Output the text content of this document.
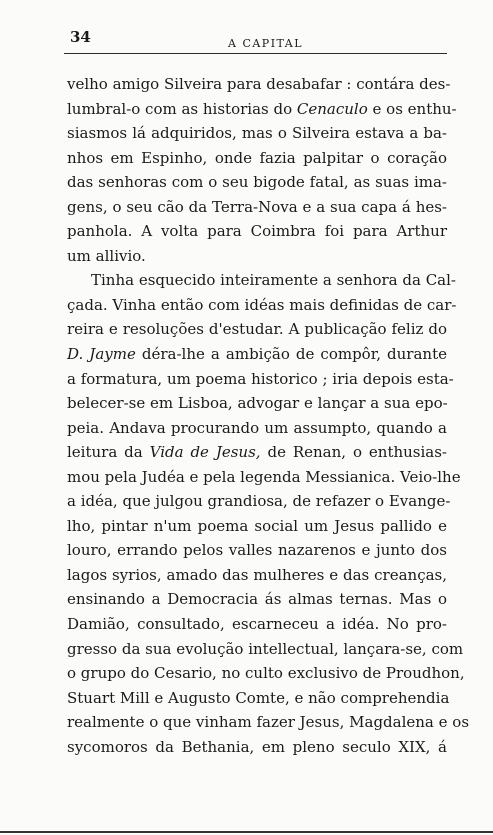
34	A CAPITAL
velho amigo Silveira para desabafar : contára des-
lumbral-o com as historias do Cenaculo e os enthu-
siasmos lá adquiridos, mas o Silveira estava a ba-
nhos em Espinho, onde fazia palpitar o coração
das senhoras com o seu bigode fatal, as suas ima-
gens, o seu cão da Terra-Nova e a sua capa á hes-
panhola. A volta para Coimbra foi para Arthur
um allivio.
Tinha esquecido inteiramente a senhora da Cal-
çada. Vinha então com idéas mais definidas de car-
reira e resoluções d'estudar. A publicação feliz do
D. Jayme déra-lhe a ambição de compôr, durante
a formatura, um poema historico ; iria depois esta-
belecer-se em Lisboa, advogar e lançar a sua epo-
peia. Andava procurando um assumpto, quando a
leitura da Vida de Jesus, de Renan, o enthusias-
mou pela Judéa e pela legenda Messianica. Veio-lhe
a idéa, que julgou grandiosa, de refazer o Evange-
lho, pintar n'um poema social um Jesus pallido e
louro, errando pelos valles nazarenos e junto dos
lagos syrios, amado das mulheres e das creanças,
ensinando a Democracia ás almas ternas. Mas o
Damião, consultado, escarneceu a idéa. No pro-
gresso da sua evolução intellectual, lançara-se, com
o grupo do Cesario, no culto exclusivo de Proudhon,
Stuart Mill e Augusto Comte, e não comprehendia
realmente o que vinham fazer Jesus, Magdalena e os
sycomoros da Bethania, em pleno seculo XIX, á
